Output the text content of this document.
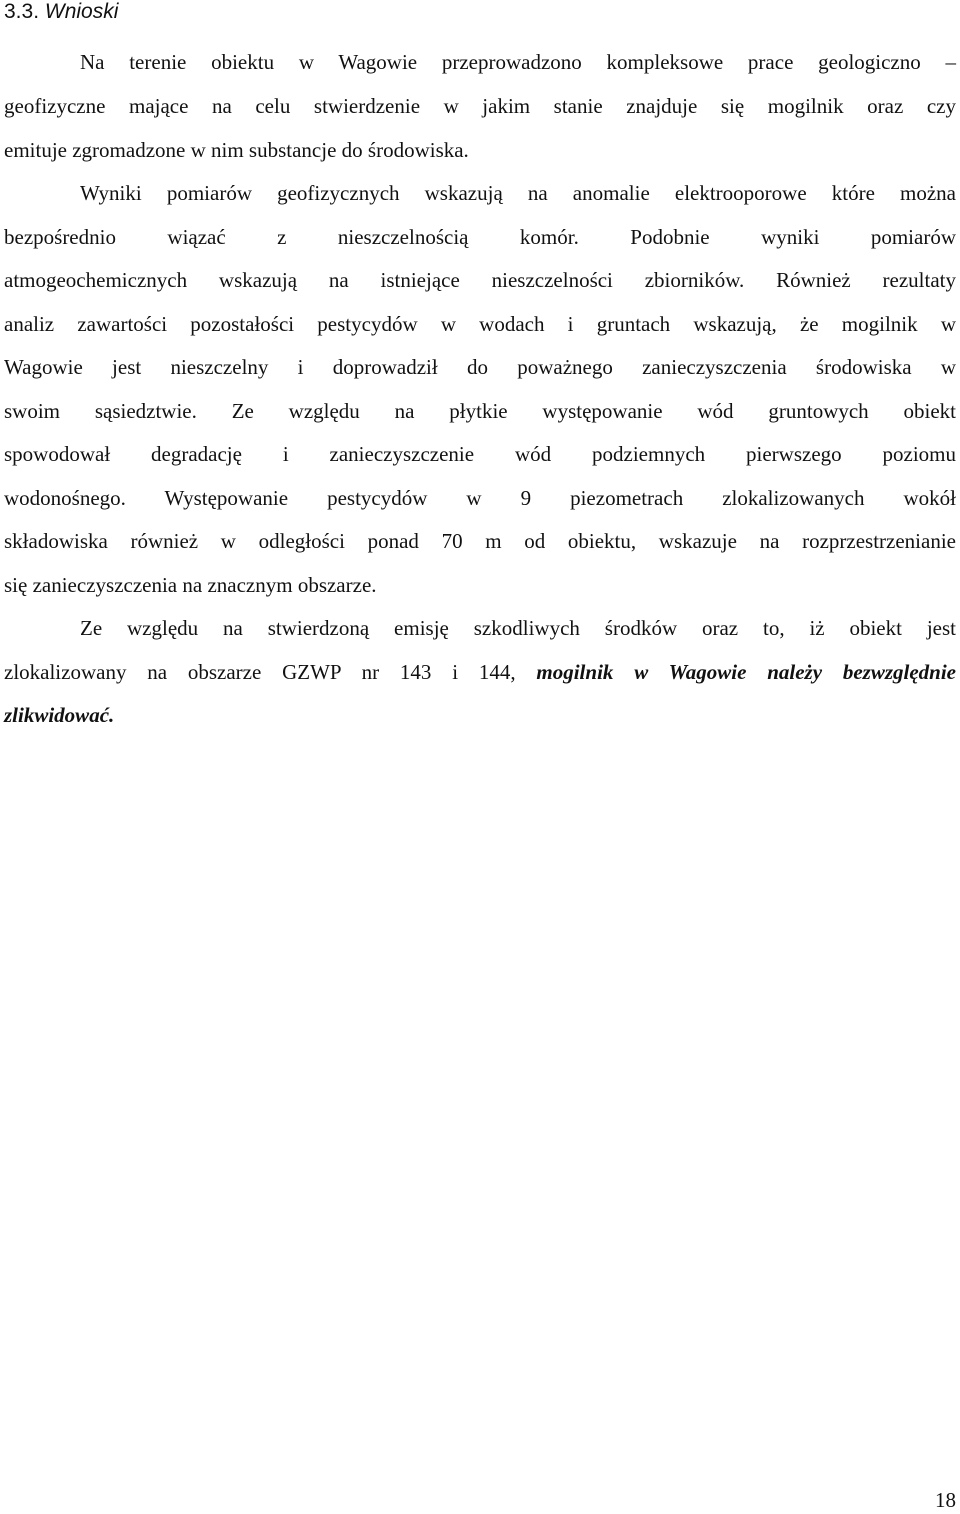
3.3. Wnioski

Na terenie obiektu w Wagowie przeprowadzono kompleksowe prace geologiczno –

geofizyczne mające na celu stwierdzenie w jakim stanie znajduje się mogilnik oraz czy

emituje zgromadzone w nim substancje do środowiska.

Wyniki pomiarów geofizycznych wskazują na anomalie elektrooporowe które można

bezpośrednio wiązać z nieszczelnością komór. Podobnie wyniki pomiarów

atmogeochemicznych wskazują na istniejące nieszczelności zbiorników. Również rezultaty

analiz zawartości pozostałości pestycydów w wodach i gruntach wskazują, że mogilnik w

Wagowie jest nieszczelny i doprowadził do poważnego zanieczyszczenia środowiska w

swoim sąsiedztwie. Ze względu na płytkie występowanie wód gruntowych obiekt

spowodował degradację i zanieczyszczenie wód podziemnych pierwszego poziomu

wodonośnego. Występowanie pestycydów w 9 piezometrach zlokalizowanych wokół

składowiska również w odległości ponad 70 m od obiektu, wskazuje na rozprzestrzenianie

się zanieczyszczenia na znacznym obszarze.

Ze względu na stwierdzoną emisję szkodliwych środków oraz to, iż obiekt jest

zlokalizowany na obszarze GZWP nr 143 i 144, mogilnik w Wagowie należy bezwzględnie

zlikwidować.

18
